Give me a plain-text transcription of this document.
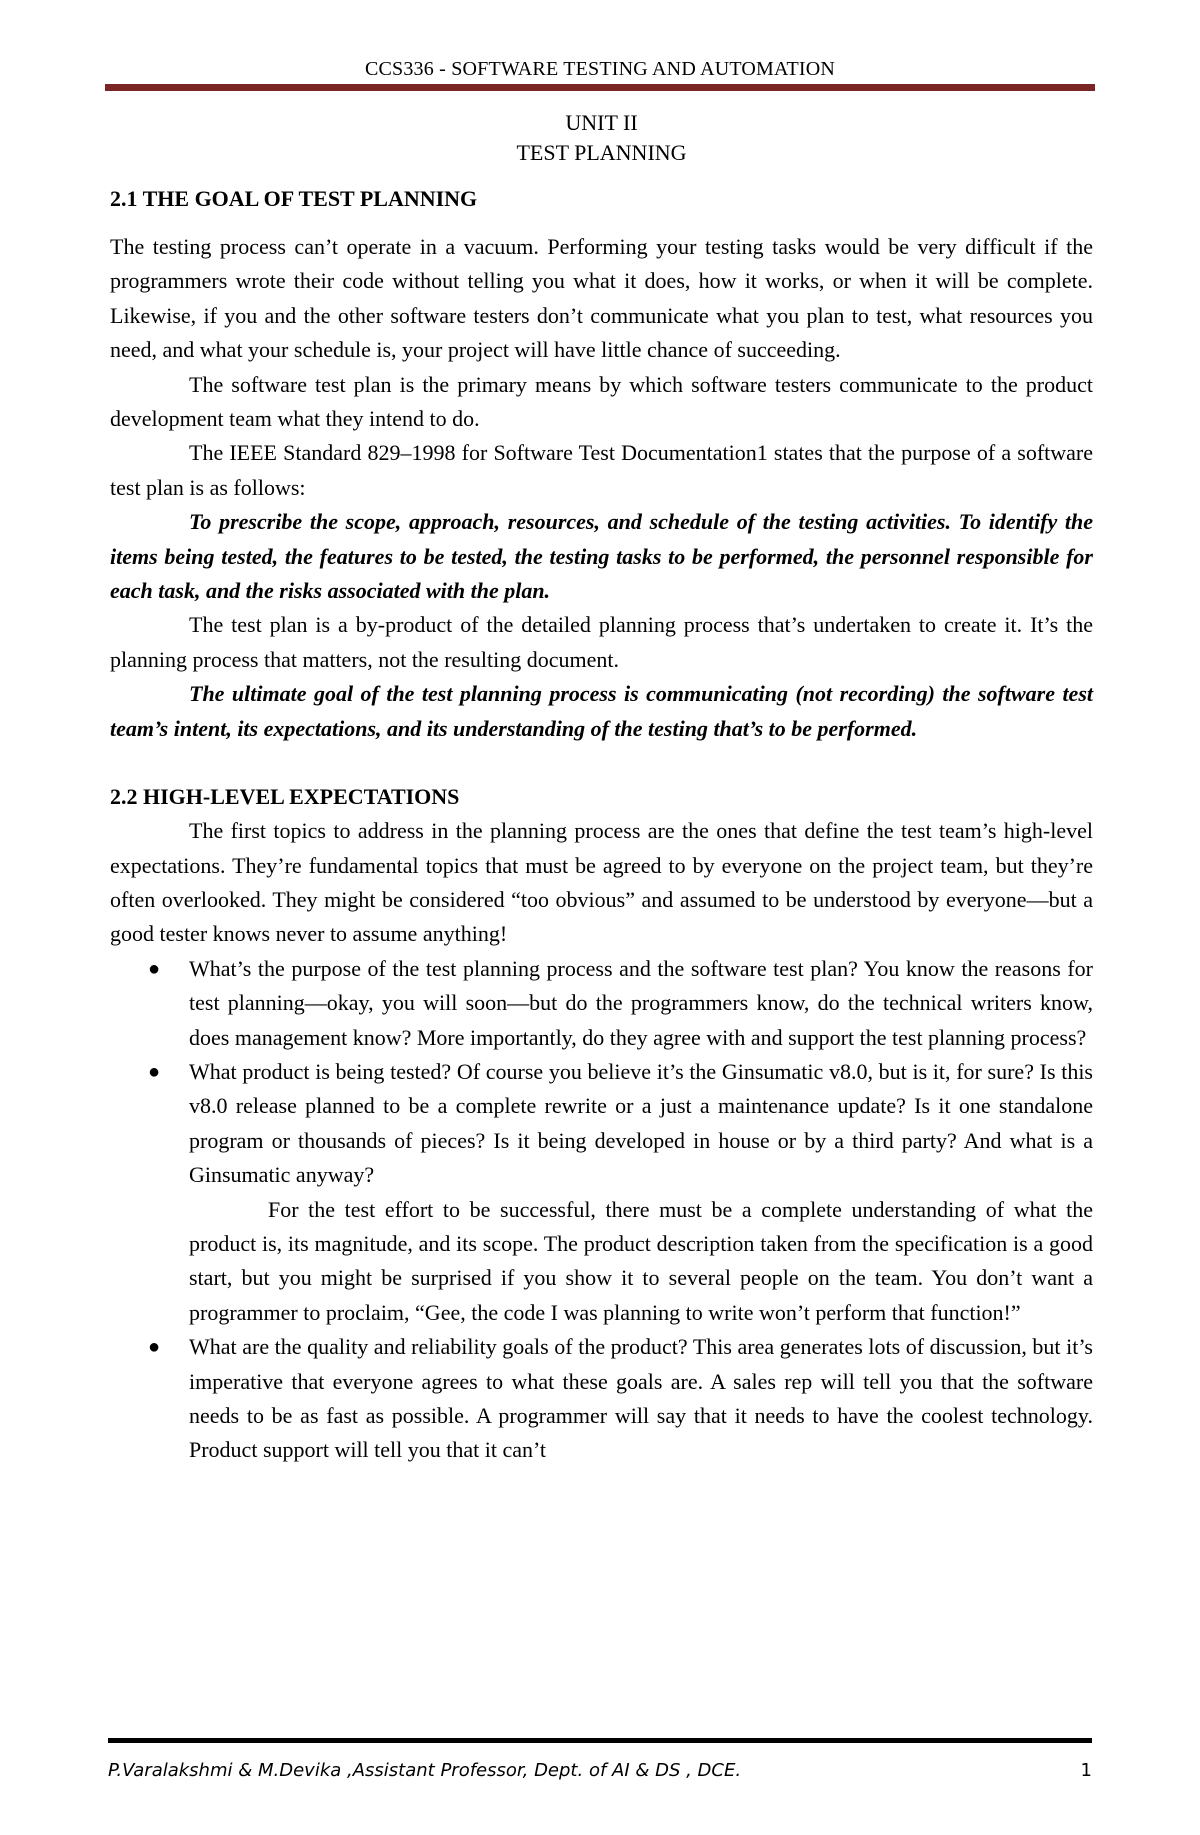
CCS336 - SOFTWARE TESTING AND AUTOMATION
UNIT II
TEST PLANNING
2.1 THE GOAL OF TEST PLANNING

The testing process can’t operate in a vacuum. Performing your testing tasks would be very difficult if the programmers wrote their code without telling you what it does, how it works, or when it will be complete. Likewise, if you and the other software testers don’t communicate what you plan to test, what resources you need, and what your schedule is, your project will have little chance of succeeding.

The software test plan is the primary means by which software testers communicate to the product development team what they intend to do.

The IEEE Standard 829–1998 for Software Test Documentation1 states that the purpose of a software test plan is as follows:

To prescribe the scope, approach, resources, and schedule of the testing activities. To identify the items being tested, the features to be tested, the testing tasks to be performed, the personnel responsible for each task, and the risks associated with the plan.

The test plan is a by-product of the detailed planning process that’s undertaken to create it. It’s the planning process that matters, not the resulting document.

The ultimate goal of the test planning process is communicating (not recording) the software test team’s intent, its expectations, and its understanding of the testing that’s to be performed.

2.2 HIGH-LEVEL EXPECTATIONS

The first topics to address in the planning process are the ones that define the test team’s high-level expectations. They’re fundamental topics that must be agreed to by everyone on the project team, but they’re often overlooked. They might be considered “too obvious” and assumed to be understood by everyone—but a good tester knows never to assume anything!

● What’s the purpose of the test planning process and the software test plan? You know the reasons for test planning—okay, you will soon—but do the programmers know, do the technical writers know, does management know? More importantly, do they agree with and support the test planning process?
● What product is being tested? Of course you believe it’s the Ginsumatic v8.0, but is it, for sure? Is this v8.0 release planned to be a complete rewrite or a just a maintenance update? Is it one standalone program or thousands of pieces? Is it being developed in house or by a third party? And what is a Ginsumatic anyway?

For the test effort to be successful, there must be a complete understanding of what the product is, its magnitude, and its scope. The product description taken from the specification is a good start, but you might be surprised if you show it to several people on the team. You don’t want a programmer to proclaim, “Gee, the code I was planning to write won’t perform that function!”

● What are the quality and reliability goals of the product? This area generates lots of discussion, but it’s imperative that everyone agrees to what these goals are. A sales rep will tell you that the software needs to be as fast as possible. A programmer will say that it needs to have the coolest technology. Product support will tell you that it can’t
P.Varalakshmi & M.Devika ,Assistant Professor, Dept. of AI & DS , DCE.	1
